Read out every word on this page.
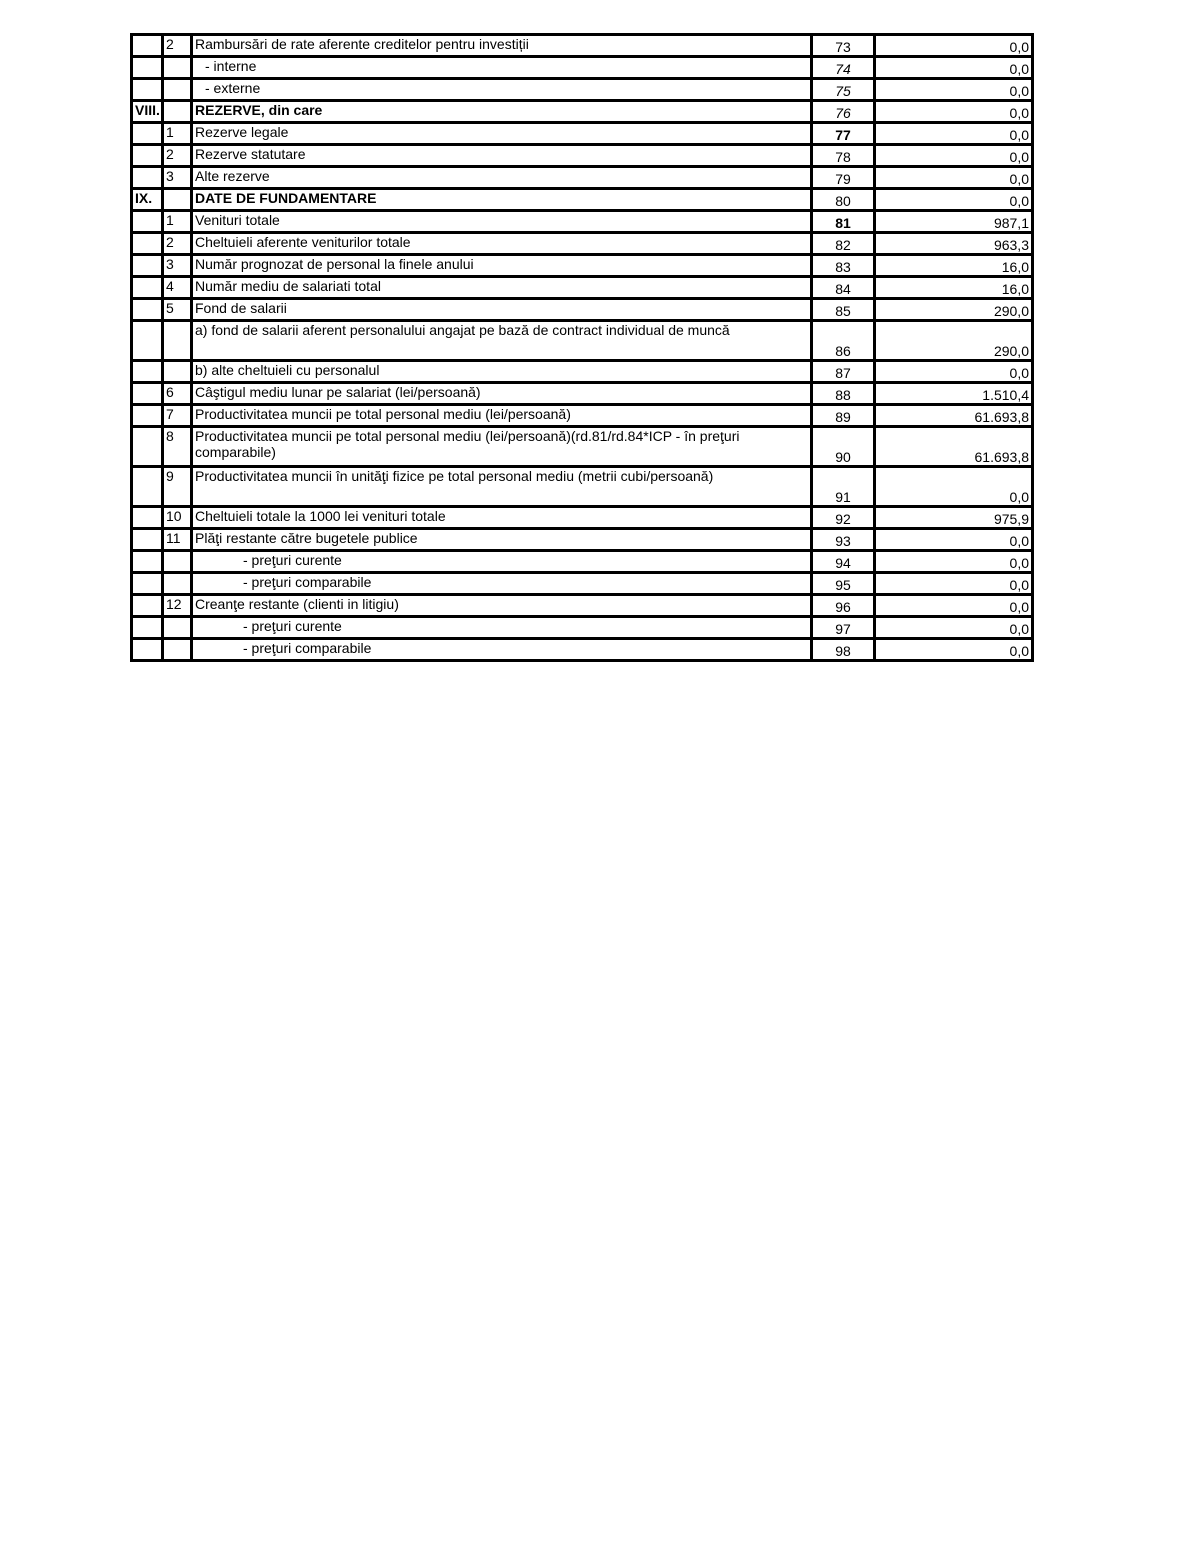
	2	Rambursări de rate aferente creditelor pentru investiții	73	0,0
		- interne	74	0,0
		- externe	75	0,0
VIII.		REZERVE, din care	76	0,0
	1	Rezerve legale	77	0,0
	2	Rezerve statutare	78	0,0
	3	Alte rezerve	79	0,0
IX.		DATE DE FUNDAMENTARE	80	0,0
	1	Venituri totale	81	987,1
	2	Cheltuieli aferente veniturilor totale	82	963,3
	3	Număr prognozat de personal la finele anului	83	16,0
	4	Număr mediu de salariati total	84	16,0
	5	Fond de salarii	85	290,0
		a) fond de salarii aferent personalului angajat pe bază de contract individual de muncă	86	290,0
		b) alte cheltuieli cu personalul	87	0,0
	6	Câştigul mediu lunar pe salariat (lei/persoană)	88	1.510,4
	7	Productivitatea muncii pe total personal mediu (lei/persoană)	89	61.693,8
	8	Productivitatea muncii pe total personal mediu (lei/persoană)(rd.81/rd.84*ICP - în preţuri comparabile)	90	61.693,8
	9	Productivitatea muncii în unităţi fizice pe total personal mediu (metrii cubi/persoană)	91	0,0
	10	Cheltuieli totale la 1000 lei venituri totale	92	975,9
	11	Plăţi restante către bugetele publice	93	0,0
		- preţuri curente	94	0,0
		- preţuri comparabile	95	0,0
	12	Creanţe restante (clienti in litigiu)	96	0,0
		- preţuri curente	97	0,0
		- preţuri comparabile	98	0,0
